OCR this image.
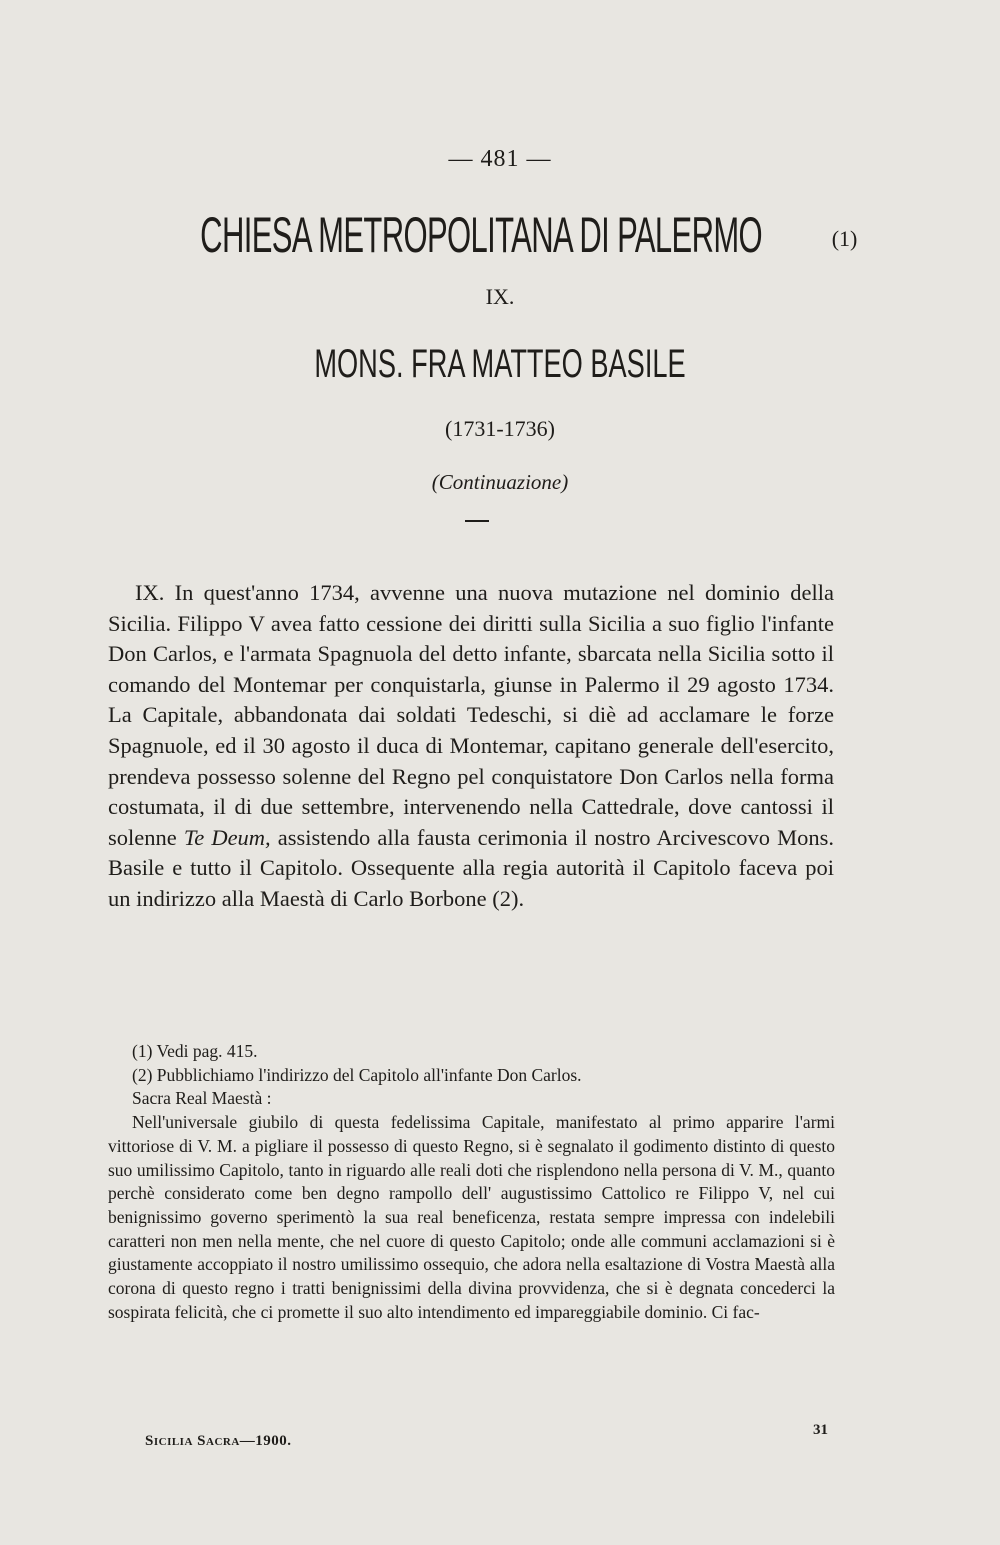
— 481 —
CHIESA METROPOLITANA DI PALERMO	$^{(1)}$
IX.
MONS. FRA MATTEO BASILE
(1731-1736)
(Continuazione)

IX. In quest'anno 1734, avvenne una nuova mutazione nel dominio della Sicilia. Filippo V avea fatto cessione dei diritti sulla Sicilia a suo figlio l'infante Don Carlos, e l'armata Spagnuola del detto infante, sbarcata nella Sicilia sotto il comando del Montemar per conquistarla, giunse in Palermo il 29 agosto 1734. La Capitale, abbandonata dai soldati Tedeschi, si diè ad acclamare le forze Spagnuole, ed il 30 agosto il duca di Montemar, capitano generale dell'esercito, prendeva possesso solenne del Regno pel conquistatore Don Carlos nella forma costumata, il di due settembre, intervenendo nella Cattedrale, dove cantossi il solenne Te Deum, assistendo alla fausta cerimonia il nostro Arcivescovo Mons. Basile e tutto il Capitolo. Ossequente alla regia autorità il Capitolo faceva poi un indirizzo alla Maestà di Carlo Borbone (2).

(1) Vedi pag. 415.

(2) Pubblichiamo l'indirizzo del Capitolo all'infante Don Carlos.

Sacra Real Maestà :

Nell'universale giubilo di questa fedelissima Capitale, manifestato al primo apparire l'armi vittoriose di V. M. a pigliare il possesso di questo Regno, si è segnalato il godimento distinto di questo suo umilissimo Capitolo, tanto in riguardo alle reali doti che risplendono nella persona di V. M., quanto perchè considerato come ben degno rampollo dell' augustissimo Cattolico re Filippo V, nel cui benignissimo governo sperimentò la sua real beneficenza, restata sempre impressa con indelebili caratteri non men nella mente, che nel cuore di questo Capitolo; onde alle communi acclamazioni si è giustamente accoppiato il nostro umilissimo ossequio, che adora nella esaltazione di Vostra Maestà alla corona di questo regno i tratti benignissimi della divina provvidenza, che si è degnata concederci la sospirata felicità, che ci promette il suo alto intendimento ed impareggiabile dominio. Ci fac-

Sicilia Sacra—1900.
31
